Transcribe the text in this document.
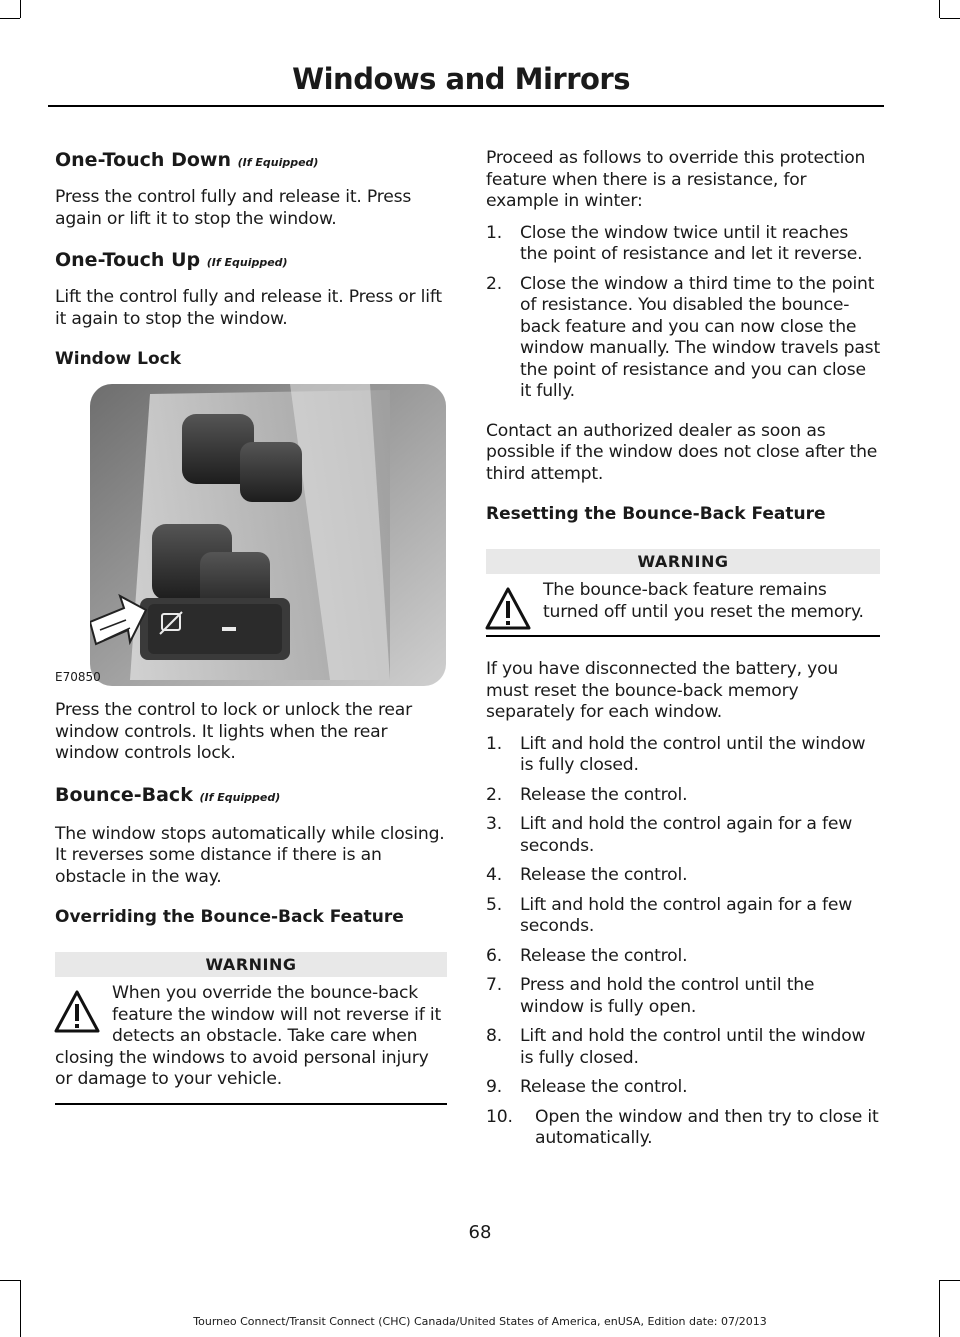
Windows and Mirrors
One-Touch Down (If Equipped)

Press the control fully and release it. Press again or lift it to stop the window.

One-Touch Up (If Equipped)

Lift the control fully and release it. Press or lift it again to stop the window.

Window Lock
E70850

Press the control to lock or unlock the rear window controls. It lights when the rear window controls lock.

Bounce-Back (If Equipped)

The window stops automatically while closing. It reverses some distance if there is an obstacle in the way.

Overriding the Bounce-Back Feature
WARNING
When you override the bounce-back feature the window will not reverse if it detects an obstacle. Take care when closing the windows to avoid personal injury or damage to your vehicle.

Proceed as follows to override this protection feature when there is a resistance, for example in winter:

1. Close the window twice until it reaches the point of resistance and let it reverse.
2. Close the window a third time to the point of resistance. You disabled the bounce-back feature and you can now close the window manually. The window travels past the point of resistance and you can close it fully.

Contact an authorized dealer as soon as possible if the window does not close after the third attempt.

Resetting the Bounce-Back Feature
WARNING
The bounce-back feature remains turned off until you reset the memory.

If you have disconnected the battery, you must reset the bounce-back memory separately for each window.

1. Lift and hold the control until the window is fully closed.
2. Release the control.
3. Lift and hold the control again for a few seconds.
4. Release the control.
5. Lift and hold the control again for a few seconds.
6. Release the control.
7. Press and hold the control until the window is fully open.
8. Lift and hold the control until the window is fully closed.
9. Release the control.
10. Open the window and then try to close it automatically.
68
Tourneo Connect/Transit Connect (CHC) Canada/United States of America, enUSA, Edition date: 07/2013
